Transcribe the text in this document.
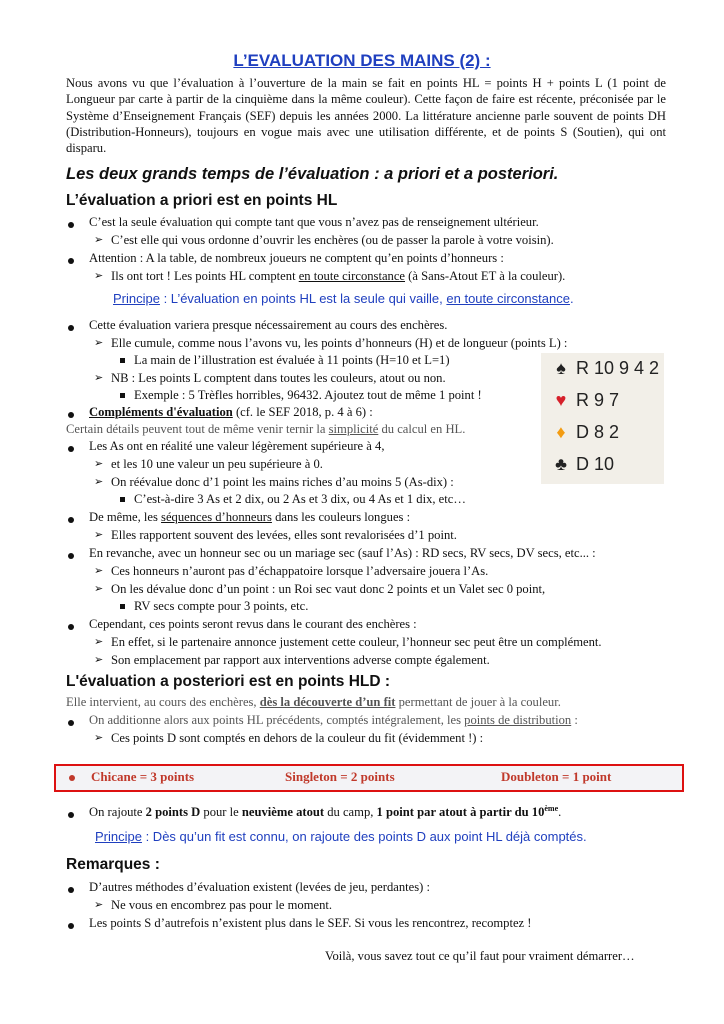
L’EVALUATION DES MAINS (2) :
Nous avons vu que l’évaluation à l’ouverture de la main se fait en points HL = points H + points L (1 point de Longueur par carte à partir de la cinquième dans la même couleur). Cette façon de faire est récente, préconisée par le Système d’Enseignement Français (SEF) depuis les années 2000. La littérature ancienne parle souvent de points DH (Distribution-Honneurs), toujours en vogue mais avec une utilisation différente, et de points S (Soutien), qui ont disparu.
Les deux grands temps de l’évaluation : a priori et a posteriori.
L’évaluation a priori est en points HL
C’est la seule évaluation qui compte tant que vous n’avez pas de renseignement ultérieur.
➢ C’est elle qui vous ordonne d’ouvrir les enchères (ou de passer la parole à votre voisin).
Attention : A la table, de nombreux joueurs ne comptent qu’en points d’honneurs :
➢ Ils ont tort ! Les points HL comptent en toute circonstance (à Sans-Atout ET à la couleur).
Principe : L’évaluation en points HL est la seule qui vaille, en toute circonstance.
Cette évaluation variera presque nécessairement au cours des enchères.
➢ Elle cumule, comme nous l’avons vu, les points d’honneurs (H) et de longueur (points L) :
La main de l’illustration est évaluée à 11 points (H=10 et L=1)
➢ NB : Les points L comptent dans toutes les couleurs, atout ou non.
Exemple : 5 Trèfles horribles, 96432. Ajoutez tout de même 1 point !
Compléments d'évaluation (cf. le SEF 2018, p. 4 à 6) :
Certain détails peuvent tout de même venir ternir la simplicité du calcul en HL.
Les As ont en réalité une valeur légèrement supérieure à 4,
➢ et les 10 une valeur un peu supérieure à 0.
➢ On réévalue donc d’1 point les mains riches d’au moins 5 (As-dix) :
C’est-à-dire 3 As et 2 dix, ou 2 As et 3 dix, ou 4 As et 1 dix, etc…
De même, les séquences d’honneurs dans les couleurs longues :
➢ Elles rapportent souvent des levées, elles sont revalorisées d’1 point.
En revanche, avec un honneur sec ou un mariage sec (sauf l’As) : RD secs, RV secs, DV secs, etc... :
➢ Ces honneurs n’auront pas d’échappatoire lorsque l’adversaire jouera l’As.
➢ On les dévalue donc d’un point : un Roi sec vaut donc 2 points et un Valet sec 0 point,
RV secs compte pour 3 points, etc.
Cependant, ces points seront revus dans le courant des enchères :
➢ En effet, si le partenaire annonce justement cette couleur, l’honneur sec peut être un complément.
➢ Son emplacement par rapport aux interventions adverse compte également.
♠ R 10 9 4 2
♥ R 9 7
♦ D 8 2
♣ D 10
L'évaluation a posteriori est en points HLD :
Elle intervient, au cours des enchères, dès la découverte d’un fit permettant de jouer à la couleur.
On additionne alors aux points HL précédents, comptés intégralement, les points de distribution :
➢ Ces points D sont comptés en dehors de la couleur du fit (évidemment !) :
Chicane = 3 points	Singleton = 2 points	Doubleton = 1 point
On rajoute 2 points D pour le neuvième atout du camp, 1 point par atout à partir du 10ème.
Principe : Dès qu’un fit est connu, on rajoute des points D aux point HL déjà comptés.
Remarques :
D’autres méthodes d’évaluation existent (levées de jeu, perdantes) :
➢ Ne vous en encombrez pas pour le moment.
Les points S d’autrefois n’existent plus dans le SEF. Si vous les rencontrez, recomptez !
Voilà, vous savez tout ce qu’il faut pour vraiment démarrer…
